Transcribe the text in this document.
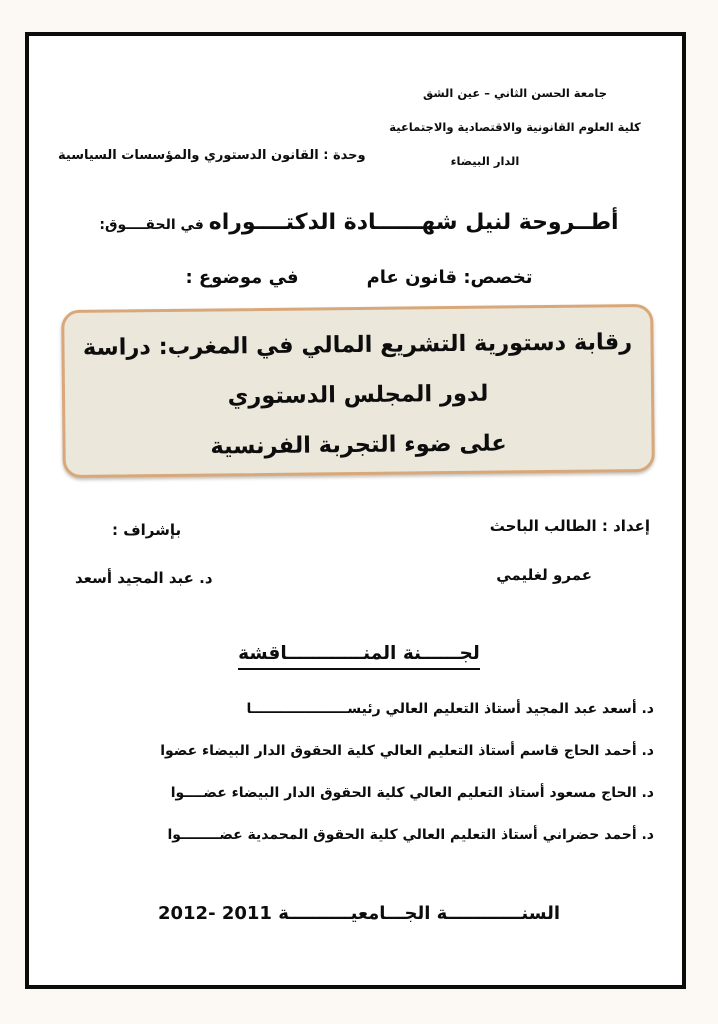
جامعة الحسن الثاني – عين الشق
كلية العلوم القانونية والاقتصادية والاجتماعية
الدار البيضاء
وحدة : القانون الدستوري والمؤسسات السياسية
أطــروحة لنيل شهــــــادة الدكتــــوراه في الحقــــوق:
تخصص: قانون عام
في موضوع :
رقابة دستورية التشريع المالي في المغرب: دراسة
لدور المجلس الدستوري
على ضوء التجربة الفرنسية
إعداد : الطالب الباحث
بإشراف :
عمرو لغليمي
د. عبد المجيد أسعد
لجــــــنة المنــــــــــــاقشة
د. أسعد عبد المجيد أستاذ التعليم العالي رئيســــــــــــــــــــا
د. أحمد الحاج قاسم أستاذ التعليم العالي كلية الحقوق الدار البيضاء عضوا
د. الحاج مسعود أستاذ التعليم العالي كلية الحقوق الدار البيضاء عضــــوا
د. أحمد حضراني أستاذ التعليم العالي كلية الحقوق المحمدية عضــــــــوا
السنــــــــــــة الجـــامعيــــــــــة 2011 -2012
